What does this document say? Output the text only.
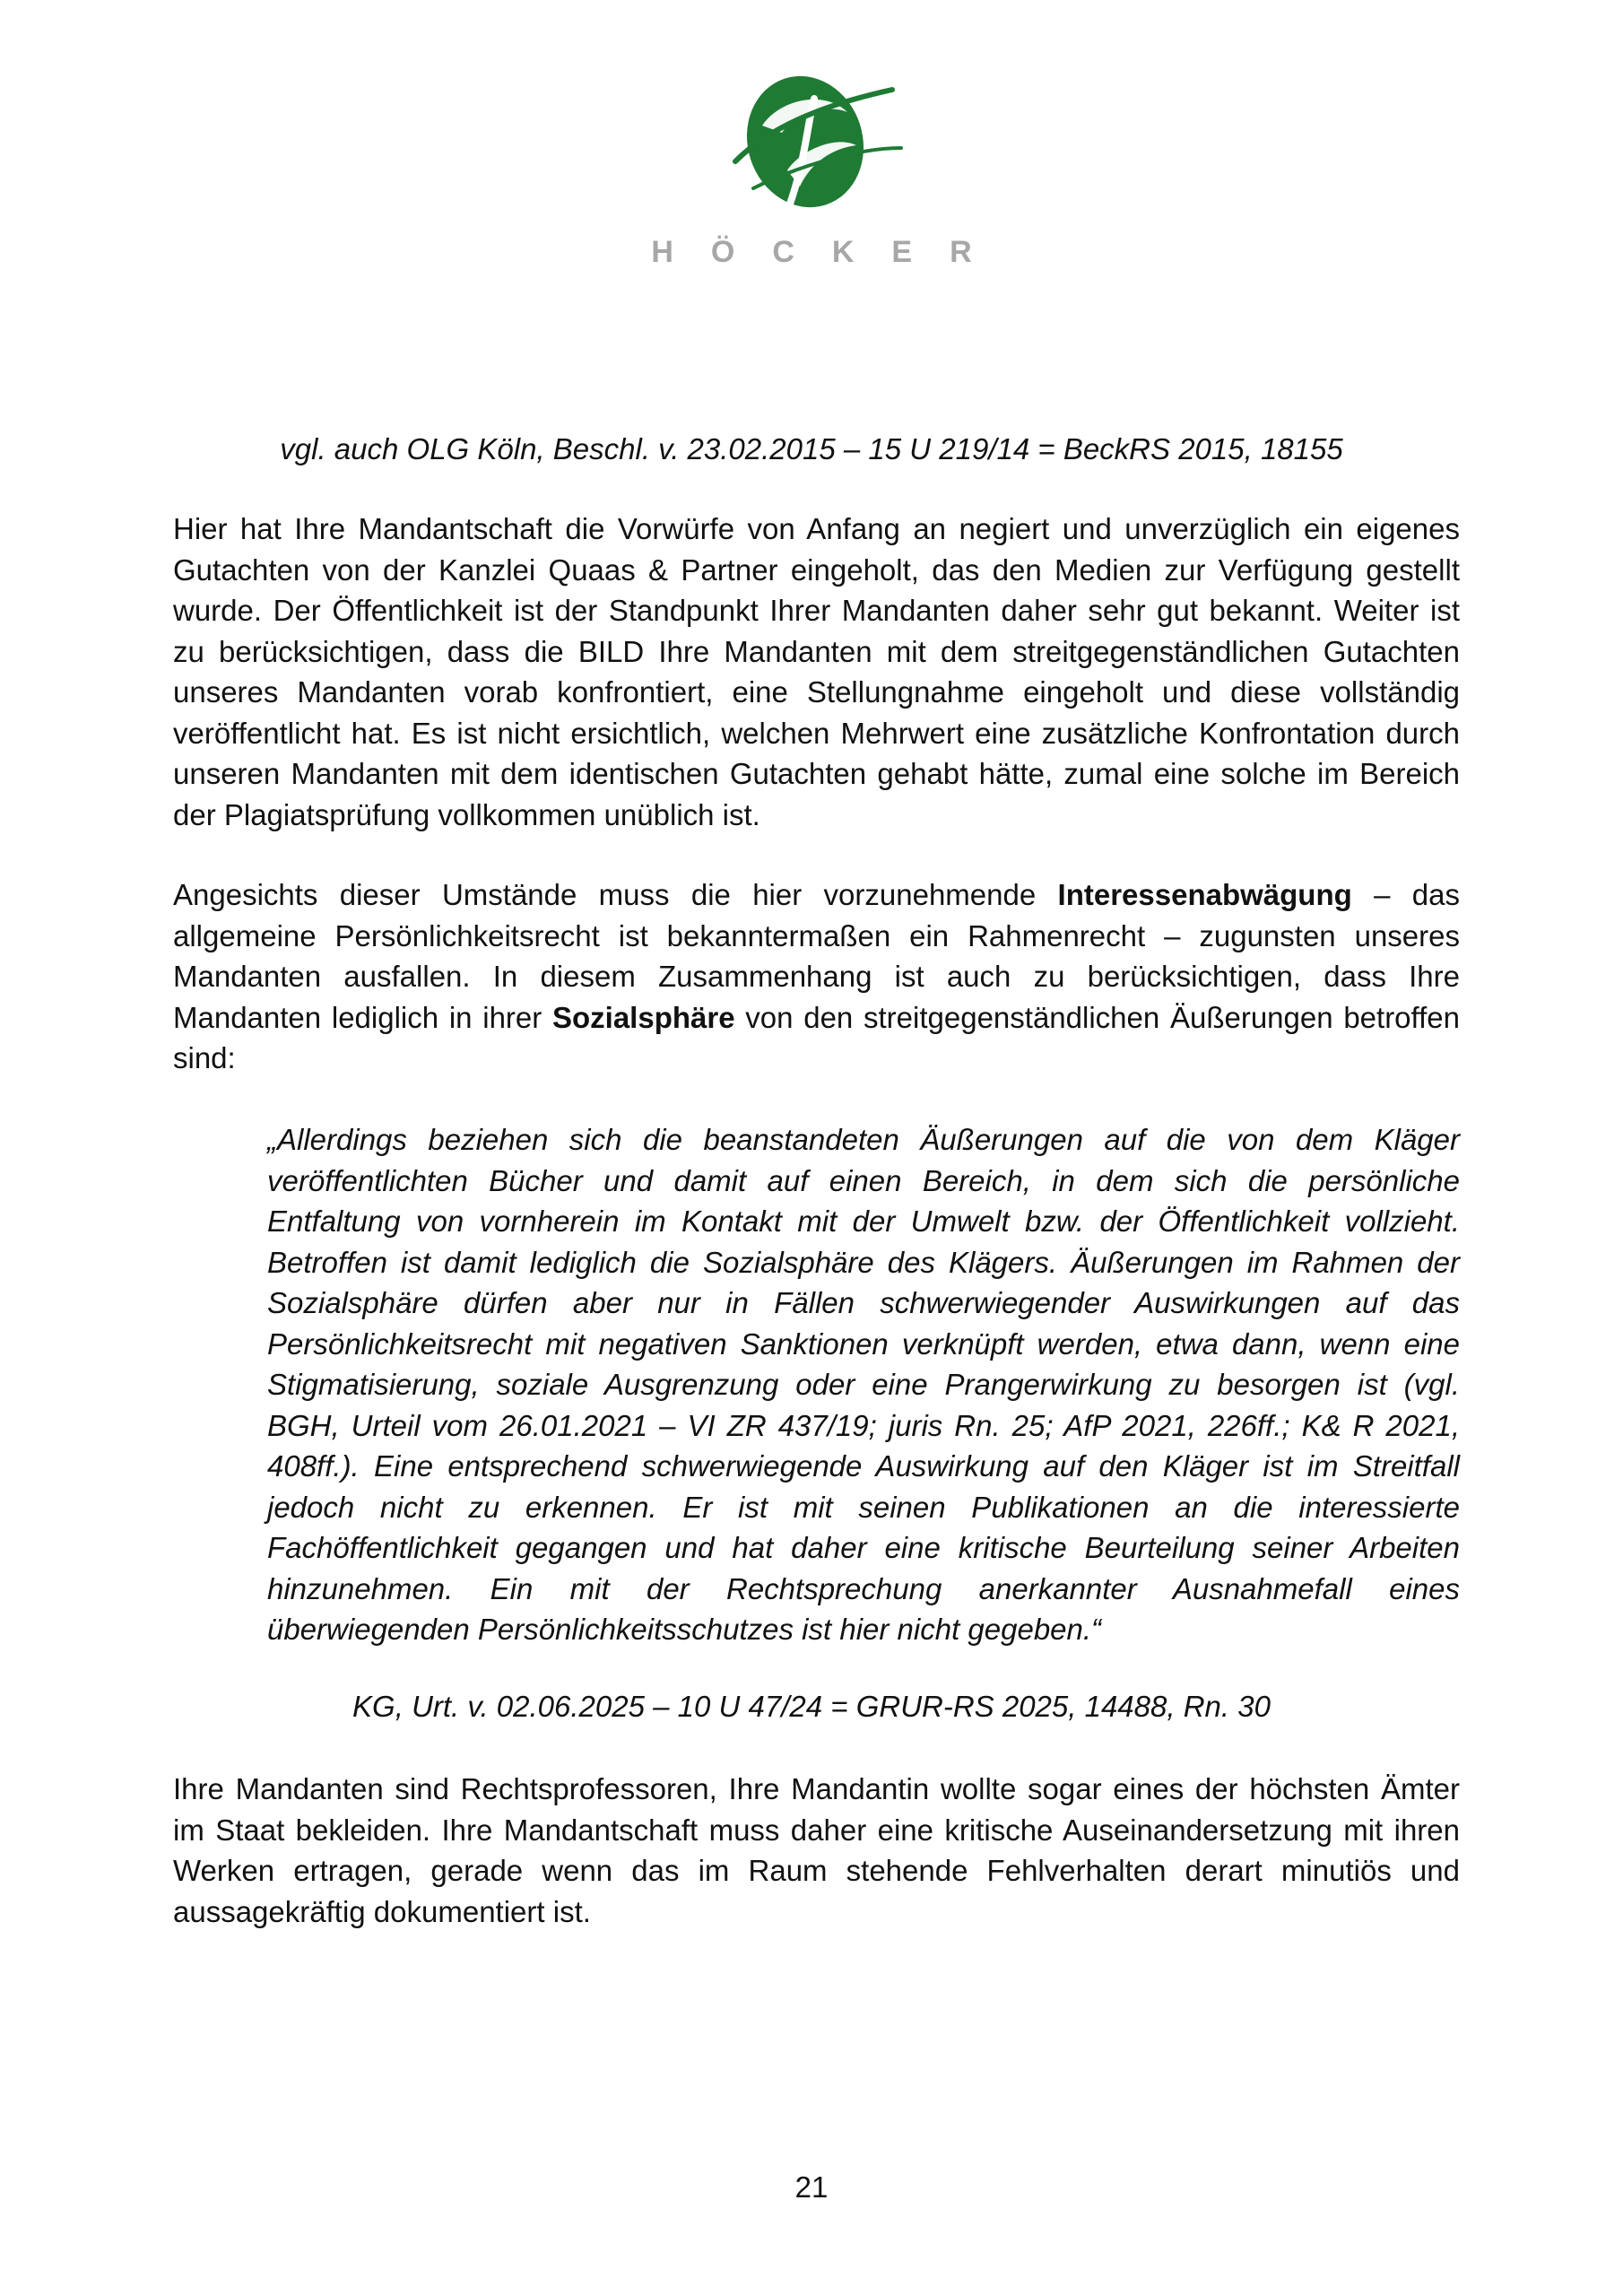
HÖCKER
vgl. auch OLG Köln, Beschl. v. 23.02.2015 – 15 U 219/14 = BeckRS 2015, 18155

Hier hat Ihre Mandantschaft die Vorwürfe von Anfang an negiert und unverzüglich ein eigenes Gutachten von der Kanzlei Quaas & Partner eingeholt, das den Medien zur Verfügung gestellt wurde. Der Öffentlichkeit ist der Standpunkt Ihrer Mandanten daher sehr gut bekannt. Weiter ist zu berücksichtigen, dass die BILD Ihre Mandanten mit dem streitgegenständlichen Gutachten unseres Mandanten vorab konfrontiert, eine Stellungnahme eingeholt und diese vollständig veröffentlicht hat. Es ist nicht ersichtlich, welchen Mehrwert eine zusätzliche Konfrontation durch unseren Mandanten mit dem identischen Gutachten gehabt hätte, zumal eine solche im Bereich der Plagiatsprüfung vollkommen unüblich ist.

Angesichts dieser Umstände muss die hier vorzunehmende Interessenabwägung – das allgemeine Persönlichkeitsrecht ist bekanntermaßen ein Rahmenrecht – zugunsten unseres Mandanten ausfallen. In diesem Zusammenhang ist auch zu berücksichtigen, dass Ihre Mandanten lediglich in ihrer Sozialsphäre von den streitgegenständlichen Äußerungen betroffen sind:

„Allerdings beziehen sich die beanstandeten Äußerungen auf die von dem Kläger veröffentlichten Bücher und damit auf einen Bereich, in dem sich die persönliche Entfaltung von vornherein im Kontakt mit der Umwelt bzw. der Öffentlichkeit vollzieht. Betroffen ist damit lediglich die Sozialsphäre des Klägers. Äußerungen im Rahmen der Sozialsphäre dürfen aber nur in Fällen schwerwiegender Auswirkungen auf das Persönlichkeitsrecht mit negativen Sanktionen verknüpft werden, etwa dann, wenn eine Stigmatisierung, soziale Ausgrenzung oder eine Prangerwirkung zu besorgen ist (vgl. BGH, Urteil vom 26.01.2021 – VI ZR 437/19; juris Rn. 25; AfP 2021, 226ff.; K& R 2021, 408ff.). Eine entsprechend schwerwiegende Auswirkung auf den Kläger ist im Streitfall jedoch nicht zu erkennen. Er ist mit seinen Publikationen an die interessierte Fachöffentlichkeit gegangen und hat daher eine kritische Beurteilung seiner Arbeiten hinzunehmen. Ein mit der Rechtsprechung anerkannter Ausnahmefall eines überwiegenden Persönlichkeitsschutzes ist hier nicht gegeben.“

KG, Urt. v. 02.06.2025 – 10 U 47/24 = GRUR-RS 2025, 14488, Rn. 30

Ihre Mandanten sind Rechtsprofessoren, Ihre Mandantin wollte sogar eines der höchsten Ämter im Staat bekleiden. Ihre Mandantschaft muss daher eine kritische Auseinandersetzung mit ihren Werken ertragen, gerade wenn das im Raum stehende Fehlverhalten derart minutiös und aussagekräftig dokumentiert ist.

21
